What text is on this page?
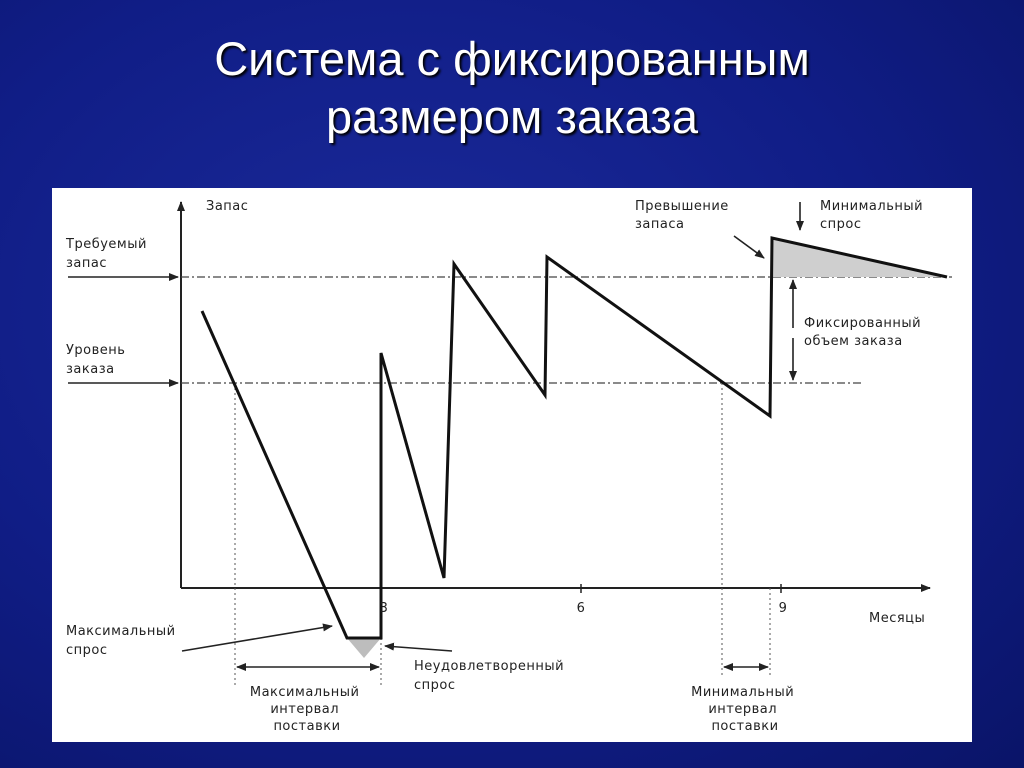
Система с фиксированным
размером заказа
Запас
Месяцы
3	6	9
Требуемый запас
Уровень заказа
Максимальный спрос
Неудовлетворенный спрос
Максимальный интервал поставки
Минимальный интервал поставки
Превышение запаса
Минимальный спрос
Фиксированный объем заказа
